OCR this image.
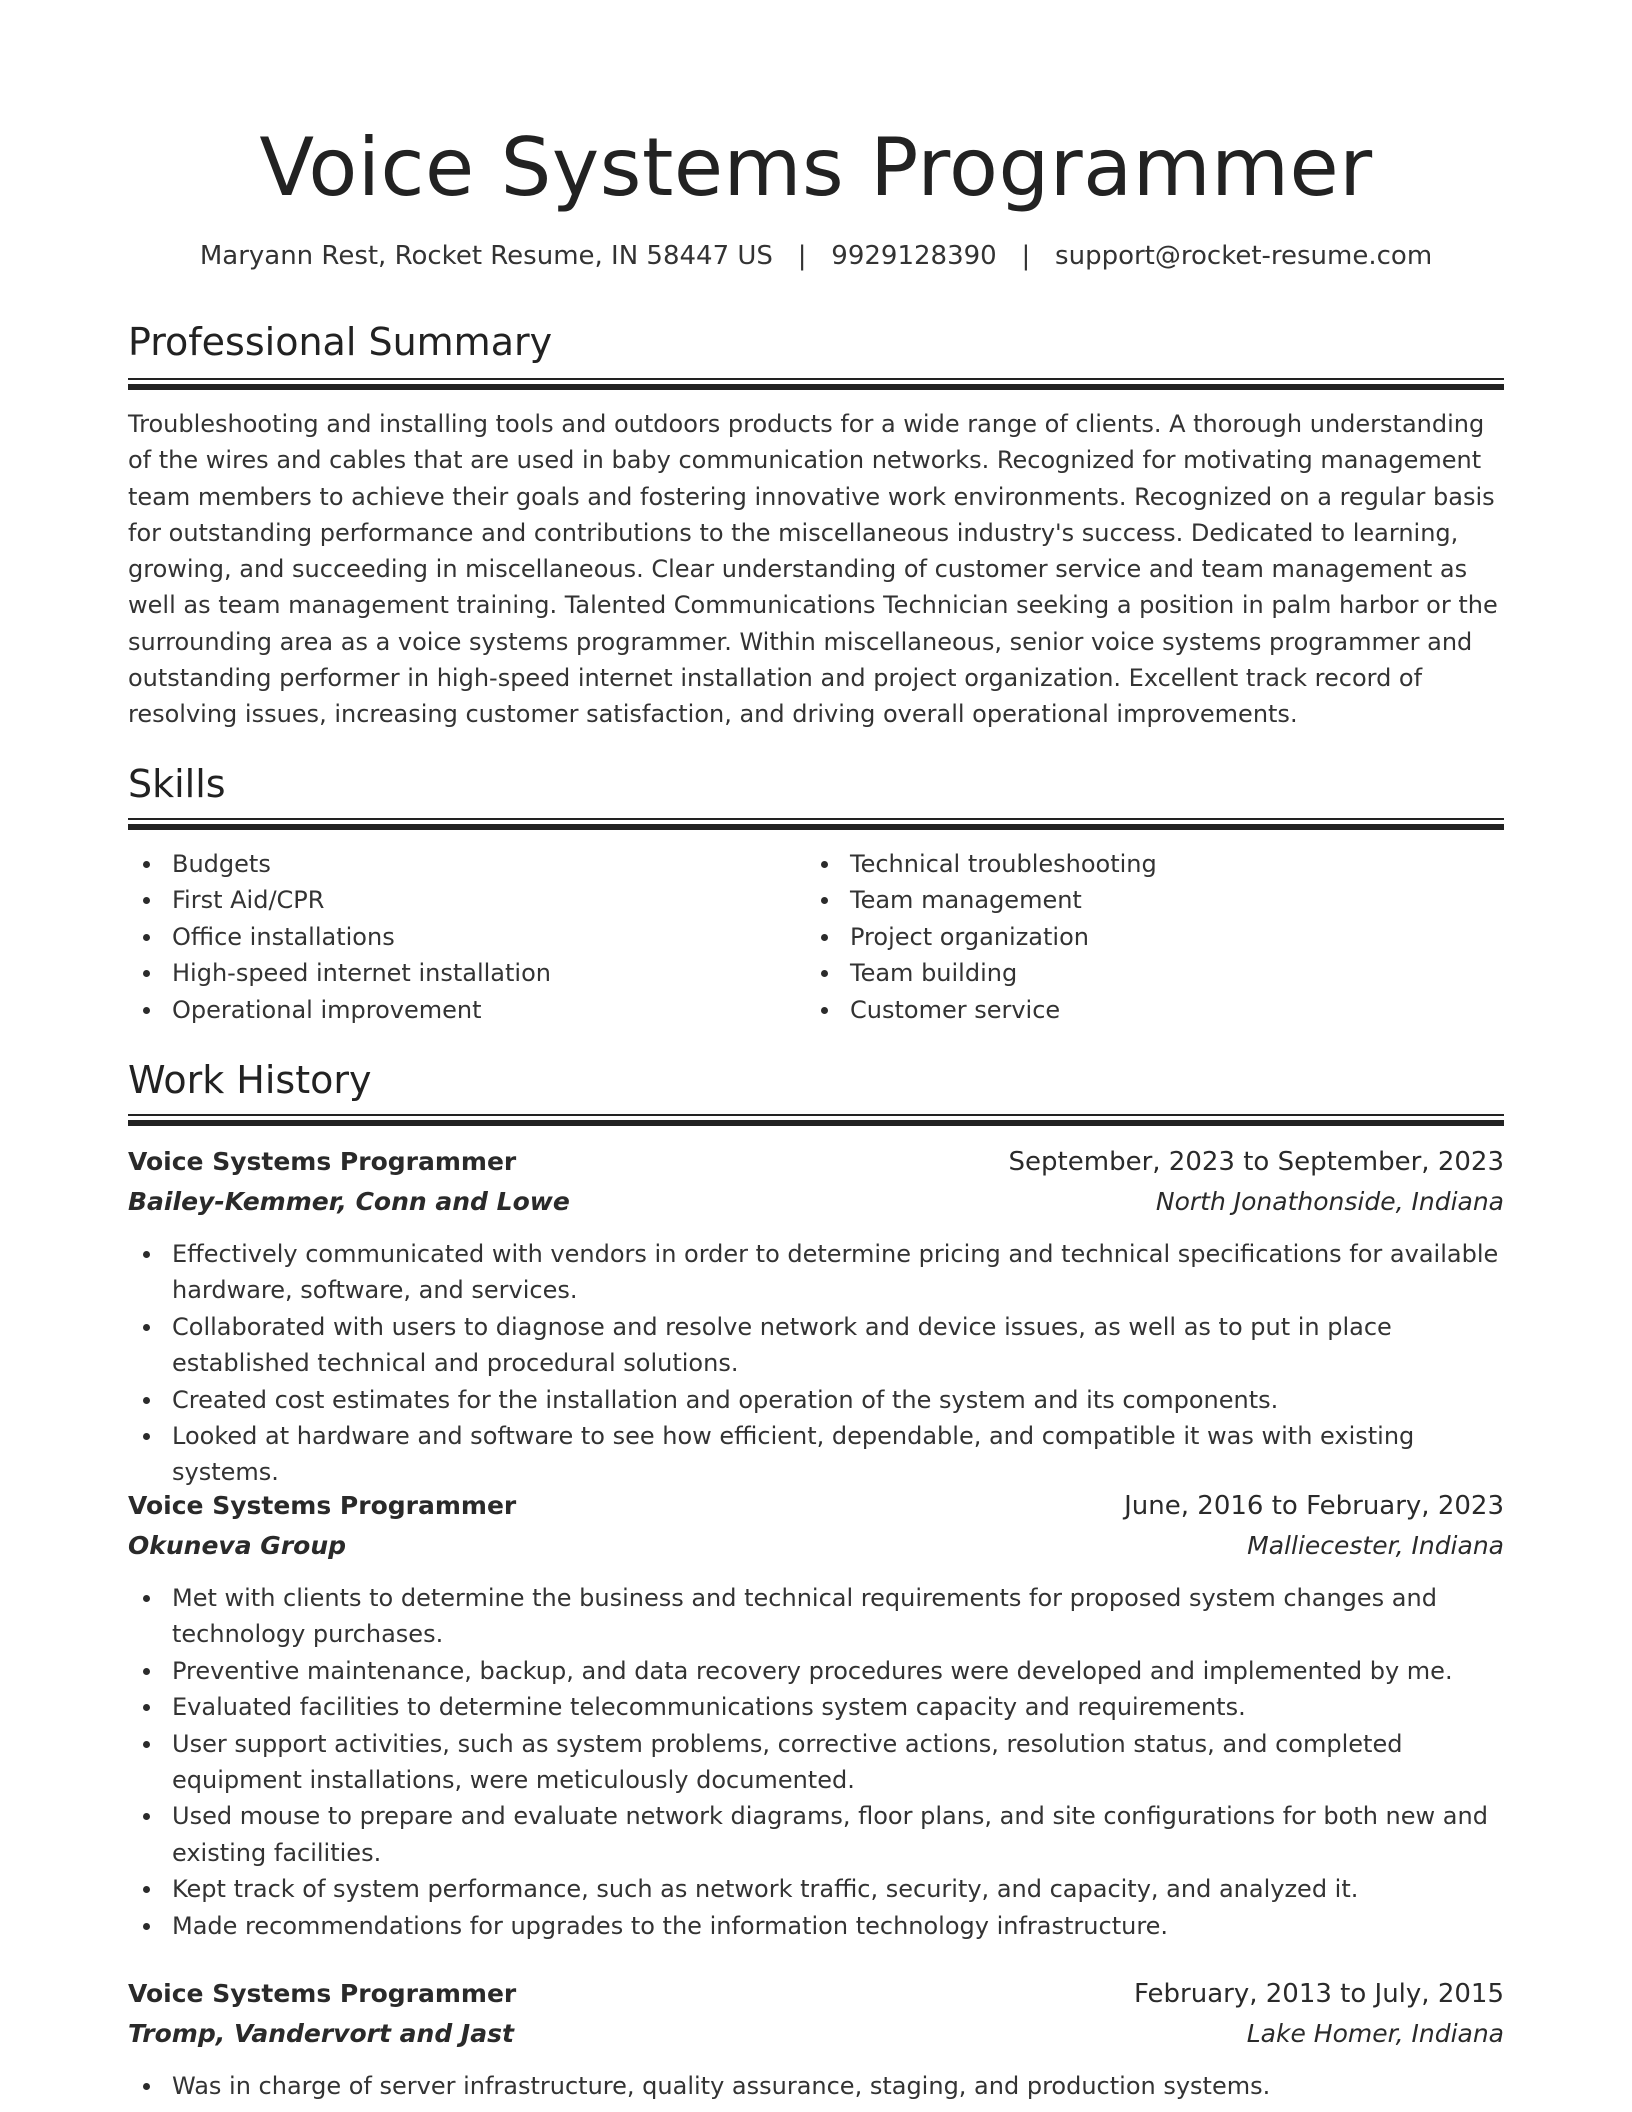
Voice Systems Programmer
Maryann Rest, Rocket Resume, IN 58447 US   |   9929128390   |   support@rocket-resume.com
Professional Summary
Troubleshooting and installing tools and outdoors products for a wide range of clients. A thorough understanding of the wires and cables that are used in baby communication networks. Recognized for motivating management team members to achieve their goals and fostering innovative work environments. Recognized on a regular basis for outstanding performance and contributions to the miscellaneous industry's success. Dedicated to learning, growing, and succeeding in miscellaneous. Clear understanding of customer service and team management as well as team management training. Talented Communications Technician seeking a position in palm harbor or the surrounding area as a voice systems programmer. Within miscellaneous, senior voice systems programmer and outstanding performer in high-speed internet installation and project organization. Excellent track record of resolving issues, increasing customer satisfaction, and driving overall operational improvements.
Skills
Budgets
First Aid/CPR
Office installations
High-speed internet installation
Operational improvement
Technical troubleshooting
Team management
Project organization
Team building
Customer service
Work History
Voice Systems Programmer	September, 2023 to September, 2023
Bailey-Kemmer, Conn and Lowe	North Jonathonside, Indiana
Effectively communicated with vendors in order to determine pricing and technical specifications for available hardware, software, and services.
Collaborated with users to diagnose and resolve network and device issues, as well as to put in place established technical and procedural solutions.
Created cost estimates for the installation and operation of the system and its components.
Looked at hardware and software to see how efficient, dependable, and compatible it was with existing systems.
Voice Systems Programmer	June, 2016 to February, 2023
Okuneva Group	Malliecester, Indiana
Met with clients to determine the business and technical requirements for proposed system changes and technology purchases.
Preventive maintenance, backup, and data recovery procedures were developed and implemented by me.
Evaluated facilities to determine telecommunications system capacity and requirements.
User support activities, such as system problems, corrective actions, resolution status, and completed equipment installations, were meticulously documented.
Used mouse to prepare and evaluate network diagrams, floor plans, and site configurations for both new and existing facilities.
Kept track of system performance, such as network traffic, security, and capacity, and analyzed it.
Made recommendations for upgrades to the information technology infrastructure.
Voice Systems Programmer	February, 2013 to July, 2015
Tromp, Vandervort and Jast	Lake Homer, Indiana
Was in charge of server infrastructure, quality assurance, staging, and production systems.
